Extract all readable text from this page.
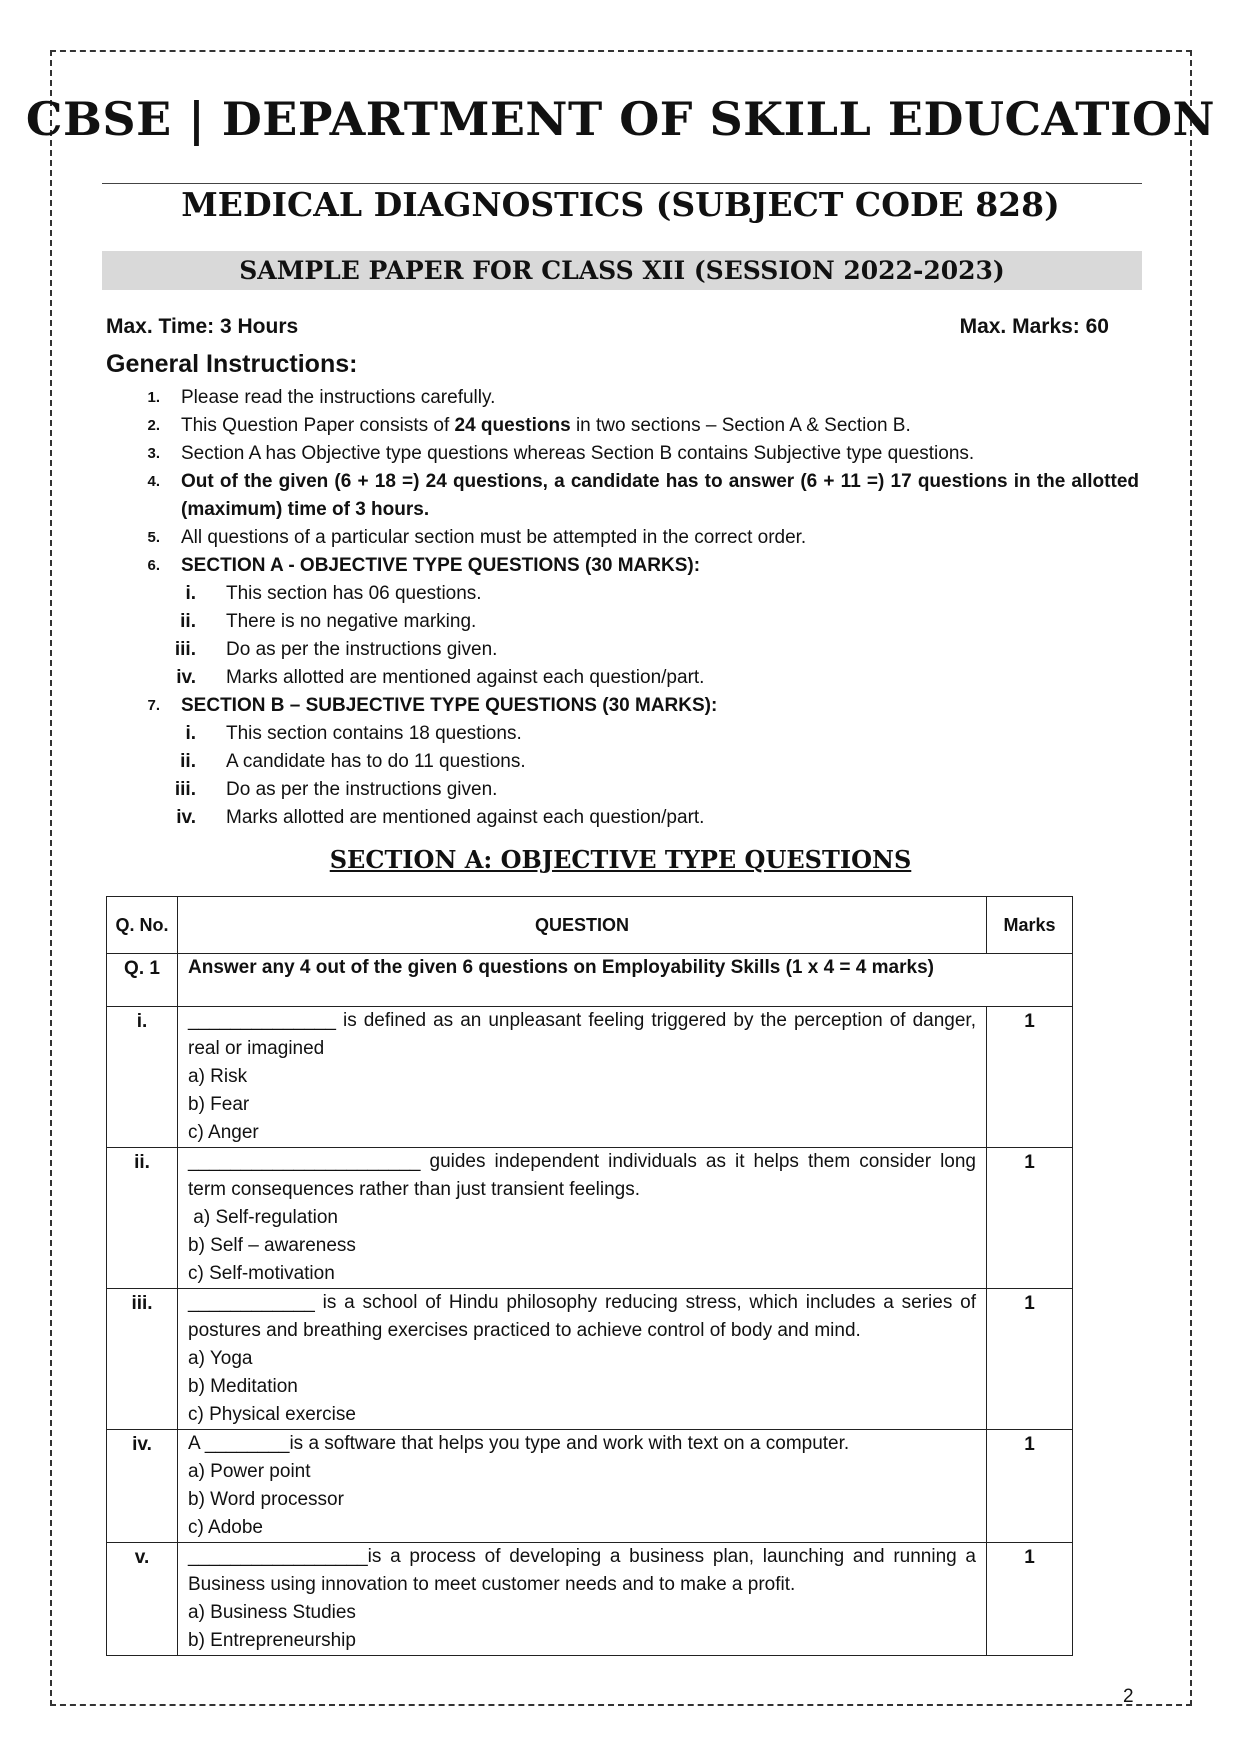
CBSE | DEPARTMENT OF SKILL EDUCATION
MEDICAL DIAGNOSTICS (SUBJECT CODE 828)
SAMPLE PAPER FOR CLASS XII (SESSION 2022-2023)
Max. Time: 3 Hours	Max. Marks: 60
General Instructions:
1.	Please read the instructions carefully.
2.	This Question Paper consists of 24 questions in two sections – Section A & Section B.
3.	Section A has Objective type questions whereas Section B contains Subjective type questions.
4.	Out of the given (6 + 18 =) 24 questions, a candidate has to answer (6 + 11 =) 17 questions in the allotted (maximum) time of 3 hours.
5.	All questions of a particular section must be attempted in the correct order.
6.	SECTION A - OBJECTIVE TYPE QUESTIONS (30 MARKS):
i.	This section has 06 questions.
ii.	There is no negative marking.
iii.	Do as per the instructions given.
iv.	Marks allotted are mentioned against each question/part.
7.	SECTION B – SUBJECTIVE TYPE QUESTIONS (30 MARKS):
i.	This section contains 18 questions.
ii.	A candidate has to do 11 questions.
iii.	Do as per the instructions given.
iv.	Marks allotted are mentioned against each question/part.
SECTION A: OBJECTIVE TYPE QUESTIONS
Q. No.	QUESTION	Marks
Q. 1	Answer any 4 out of the given 6 questions on Employability Skills (1 x 4 = 4 marks)	
i.	______________ is defined as an unpleasant feeling triggered by the perception of danger, real or imagined
a) Risk
b) Fear
c) Anger	1
ii.	______________________ guides independent individuals as it helps them consider long term consequences rather than just transient feelings.
a) Self-regulation
b) Self – awareness
c) Self-motivation	1
iii.	____________ is a school of Hindu philosophy reducing stress, which includes a series of postures and breathing exercises practiced to achieve control of body and mind.
a) Yoga
b) Meditation
c) Physical exercise	1
iv.	A ________is a software that helps you type and work with text on a computer.
a) Power point
b) Word processor
c) Adobe	1
v.	_________________is a process of developing a business plan, launching and running a Business using innovation to meet customer needs and to make a profit.
a) Business Studies
b) Entrepreneurship	1
2
